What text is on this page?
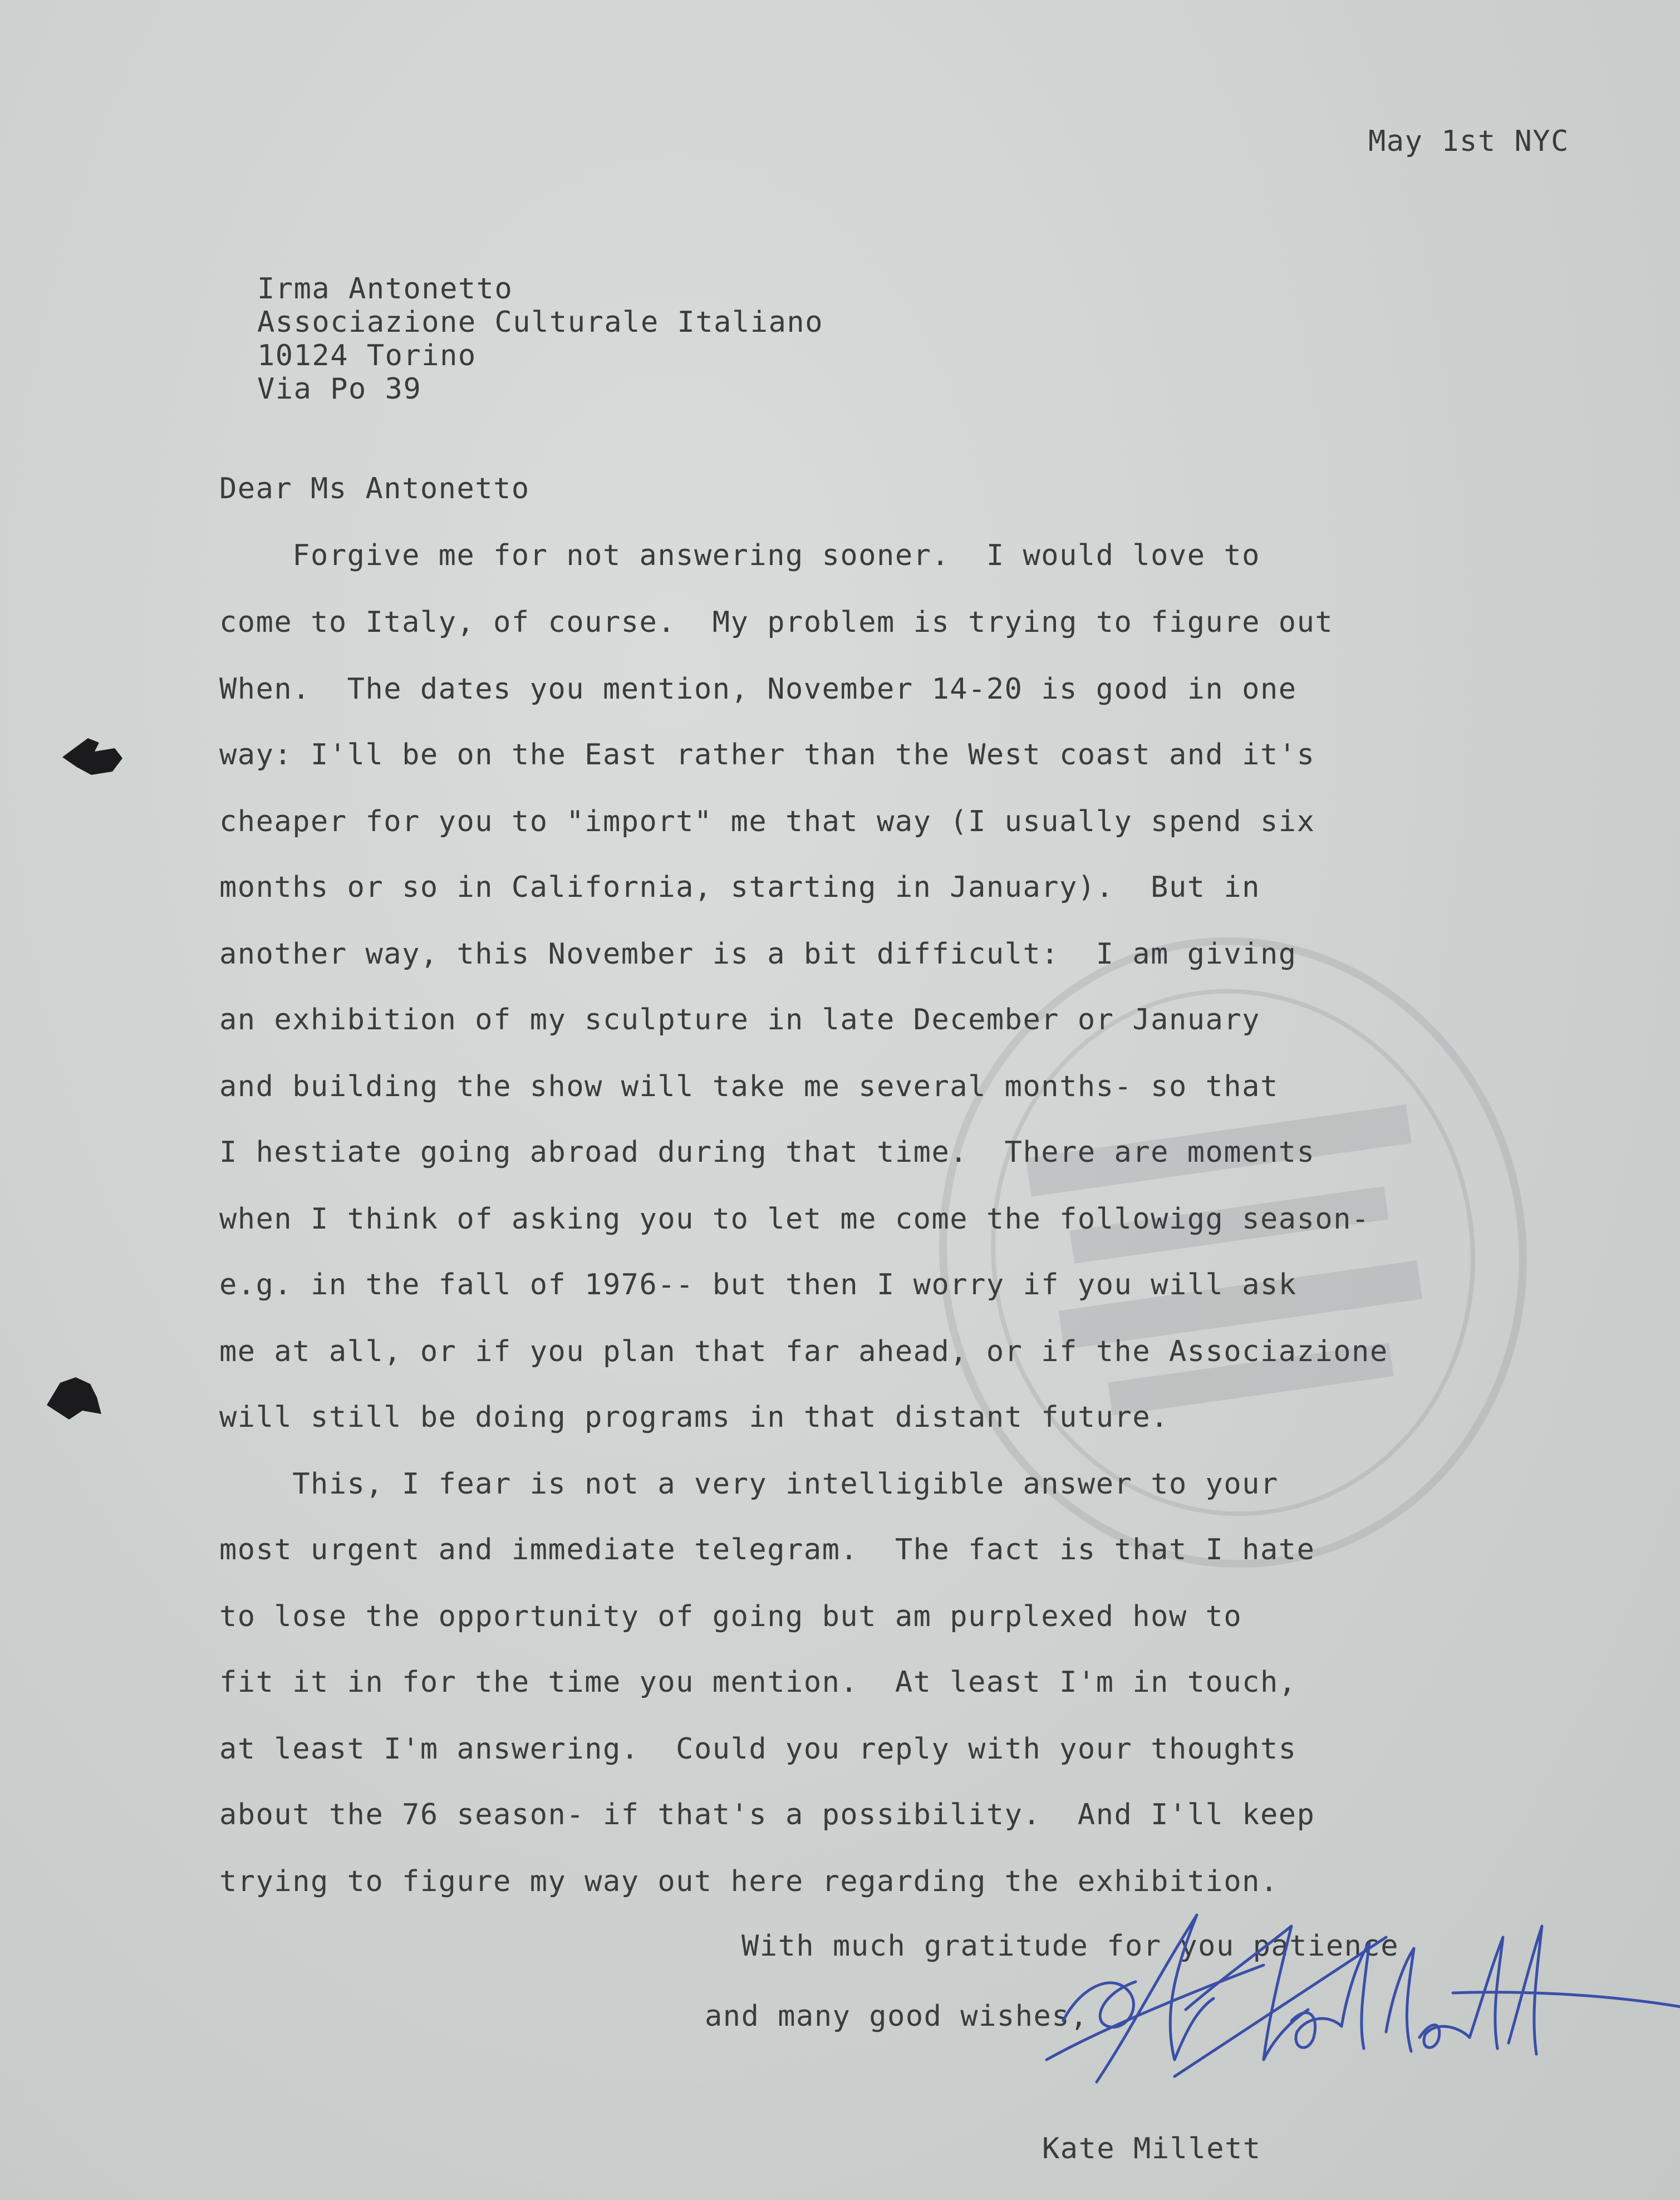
May 1st NYC
Irma Antonetto
Associazione Culturale Italiano
10124 Torino
Via Po 39
Dear Ms Antonetto
Forgive me for not answering sooner.  I would love to
come to Italy, of course.  My problem is trying to figure out
When.  The dates you mention, November 14-20 is good in one
way: I'll be on the East rather than the West coast and it's
cheaper for you to "import" me that way (I usually spend six
months or so in California, starting in January).  But in
another way, this November is a bit difficult:  I am giving
an exhibition of my sculpture in late December or January
and building the show will take me several months- so that
I hestiate going abroad during that time.  There are moments
when I think of asking you to let me come the followigg season-
e.g. in the fall of 1976-- but then I worry if you will ask
me at all, or if you plan that far ahead, or if the Associazione
will still be doing programs in that distant future.
This, I fear is not a very intelligible answer to your
most urgent and immediate telegram.  The fact is that I hate
to lose the opportunity of going but am purplexed how to
fit it in for the time you mention.  At least I'm in touch,
at least I'm answering.  Could you reply with your thoughts
about the 76 season- if that's a possibility.  And I'll keep
trying to figure my way out here regarding the exhibition.
With much gratitude for you patience
and many good wishes,
Kate Millett
